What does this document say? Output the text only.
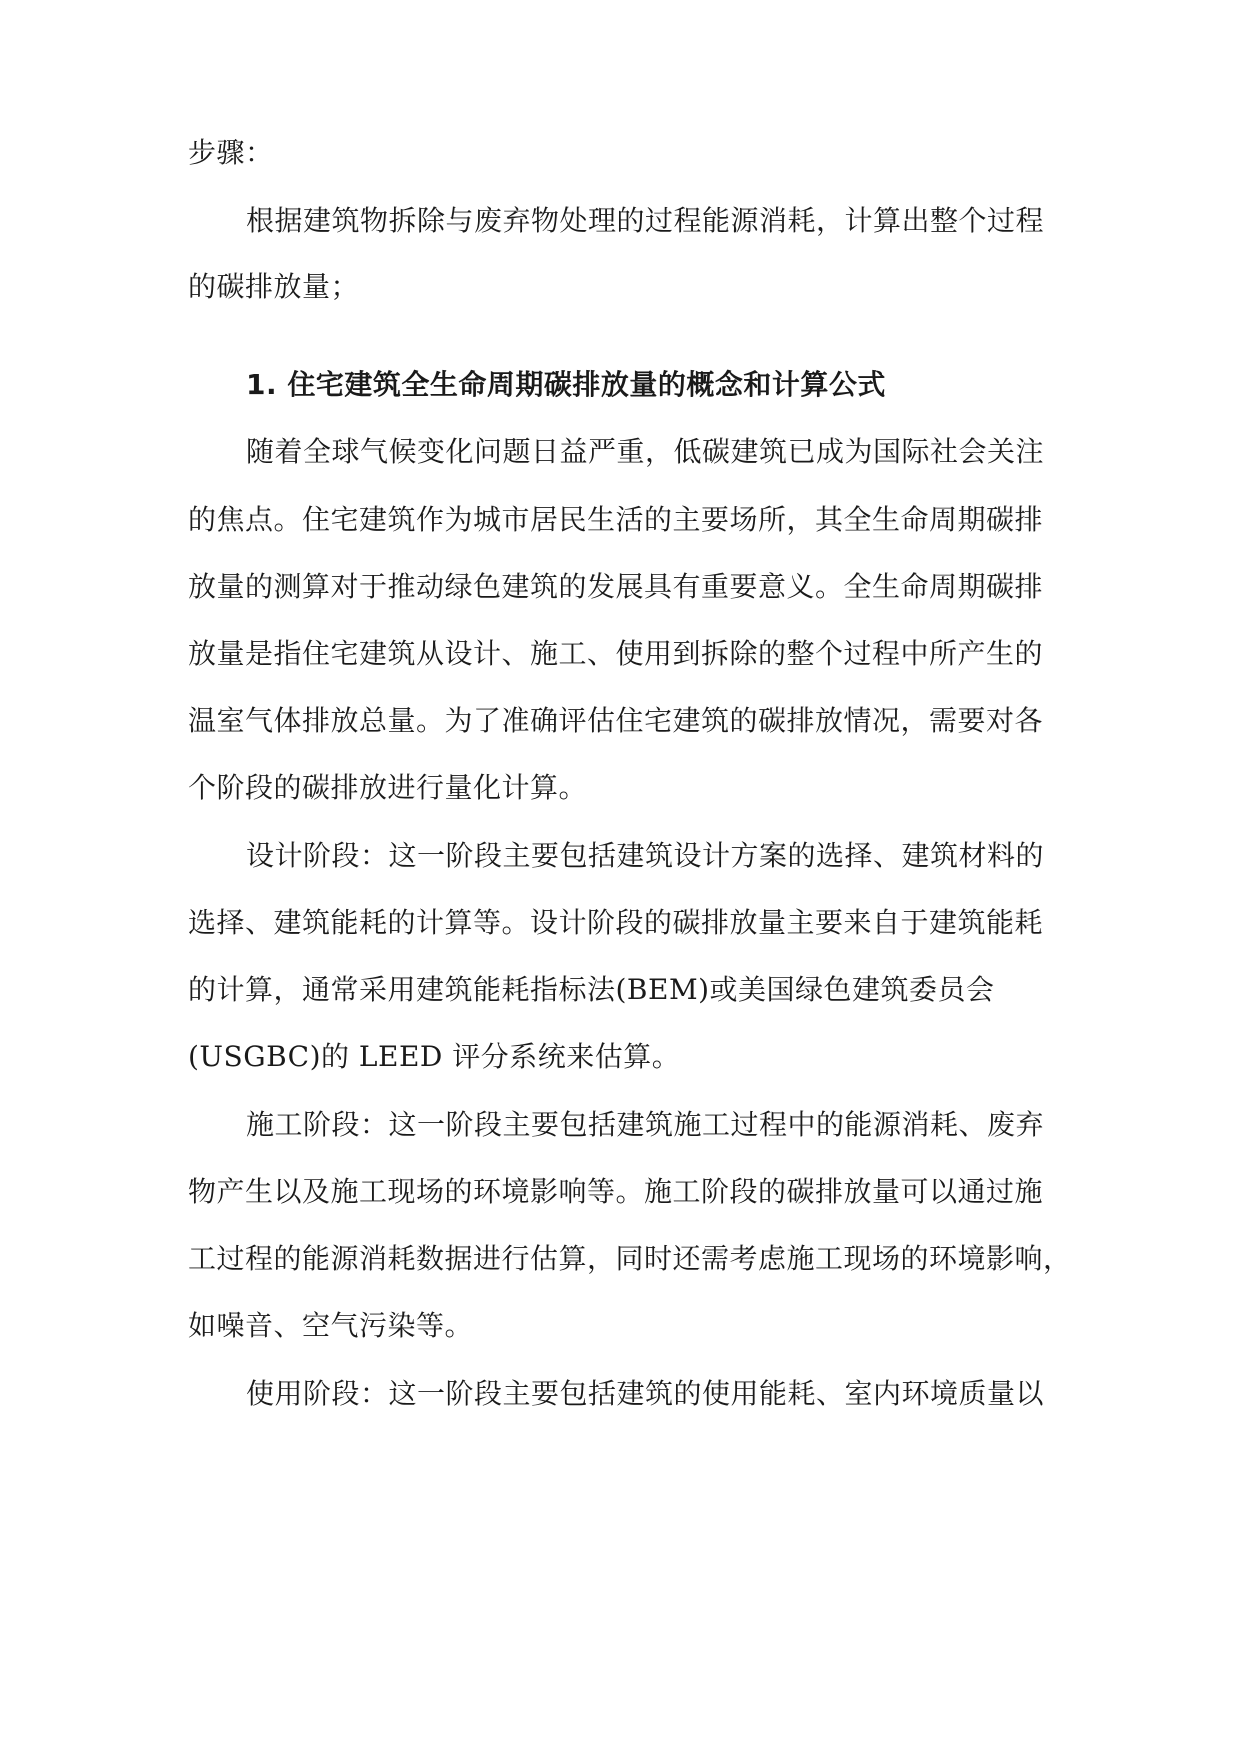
步骤：
根据建筑物拆除与废弃物处理的过程能源消耗，计算出整个过程
的碳排放量；
1. 住宅建筑全生命周期碳排放量的概念和计算公式
随着全球气候变化问题日益严重，低碳建筑已成为国际社会关注
的焦点。住宅建筑作为城市居民生活的主要场所，其全生命周期碳排
放量的测算对于推动绿色建筑的发展具有重要意义。全生命周期碳排
放量是指住宅建筑从设计、施工、使用到拆除的整个过程中所产生的
温室气体排放总量。为了准确评估住宅建筑的碳排放情况，需要对各
个阶段的碳排放进行量化计算。
设计阶段：这一阶段主要包括建筑设计方案的选择、建筑材料的
选择、建筑能耗的计算等。设计阶段的碳排放量主要来自于建筑能耗
的计算，通常采用建筑能耗指标法(BEM)或美国绿色建筑委员会
(USGBC)的 LEED 评分系统来估算。
施工阶段：这一阶段主要包括建筑施工过程中的能源消耗、废弃
物产生以及施工现场的环境影响等。施工阶段的碳排放量可以通过施
工过程的能源消耗数据进行估算，同时还需考虑施工现场的环境影响，
如噪音、空气污染等。
使用阶段：这一阶段主要包括建筑的使用能耗、室内环境质量以
